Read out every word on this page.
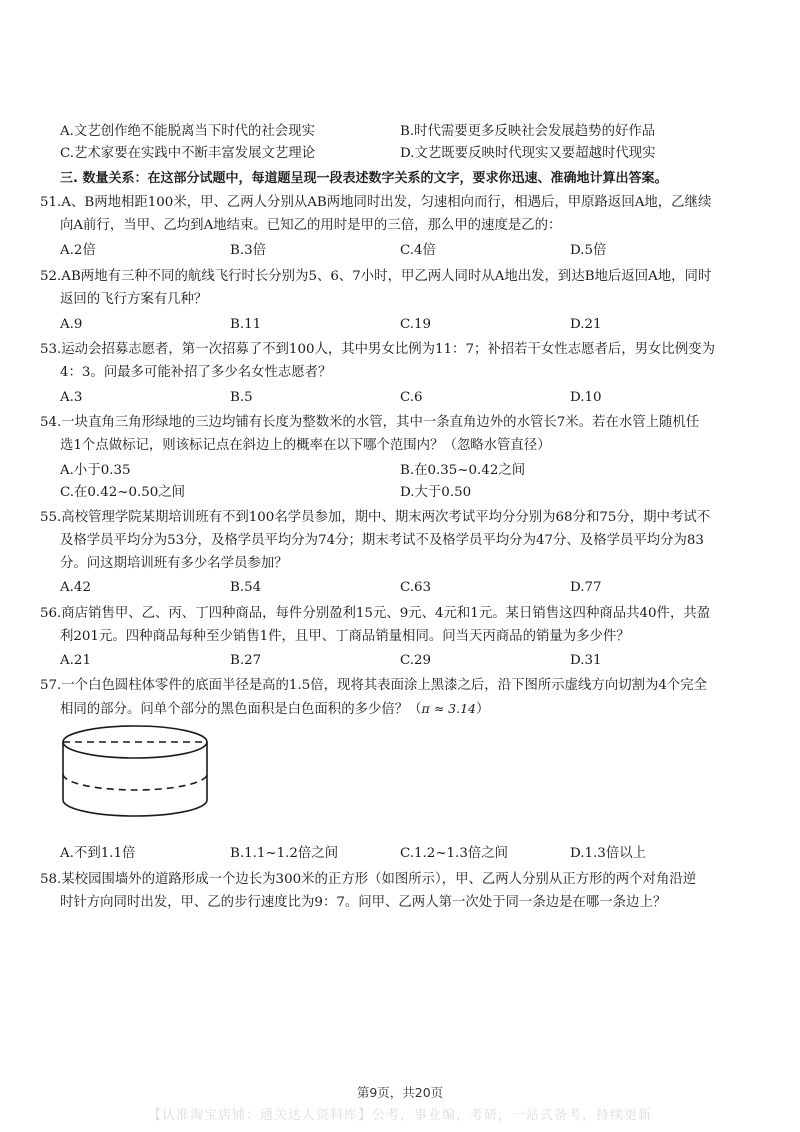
A.文艺创作绝不能脱离当下时代的社会现实	B.时代需要更多反映社会发展趋势的好作品
C.艺术家要在实践中不断丰富发展文艺理论	D.文艺既要反映时代现实又要超越时代现实
三. 数量关系：在这部分试题中，每道题呈现一段表述数字关系的文字，要求你迅速、准确地计算出答案。
51.A、B两地相距100米，甲、乙两人分别从AB两地同时出发，匀速相向而行，相遇后，甲原路返回A地，乙继续
向A前行，当甲、乙均到A地结束。已知乙的用时是甲的三倍，那么甲的速度是乙的：
A.2倍	B.3倍	C.4倍	D.5倍
52.AB两地有三种不同的航线飞行时长分别为5、6、7小时，甲乙两人同时从A地出发，到达B地后返回A地，同时
返回的飞行方案有几种？
A.9	B.11	C.19	D.21
53.运动会招募志愿者，第一次招募了不到100人，其中男女比例为11：7；补招若干女性志愿者后，男女比例变为
4：3。问最多可能补招了多少名女性志愿者？
A.3	B.5	C.6	D.10
54.一块直角三角形绿地的三边均铺有长度为整数米的水管，其中一条直角边外的水管长7米。若在水管上随机任
选1个点做标记，则该标记点在斜边上的概率在以下哪个范围内？（忽略水管直径）
A.小于0.35	B.在0.35~0.42之间
C.在0.42~0.50之间	D.大于0.50
55.高校管理学院某期培训班有不到100名学员参加，期中、期末两次考试平均分分别为68分和75分，期中考试不
及格学员平均分为53分，及格学员平均分为74分；期末考试不及格学员平均分为47分、及格学员平均分为83
分。问这期培训班有多少名学员参加？
A.42	B.54	C.63	D.77
56.商店销售甲、乙、丙、丁四种商品，每件分别盈利15元、9元、4元和1元。某日销售这四种商品共40件，共盈
利201元。四种商品每种至少销售1件，且甲、丁商品销量相同。问当天丙商品的销量为多少件？
A.21	B.27	C.29	D.31
57.一个白色圆柱体零件的底面半径是高的1.5倍，现将其表面涂上黑漆之后，沿下图所示虚线方向切割为4个完全
相同的部分。问单个部分的黑色面积是白色面积的多少倍？（π ≈ 3.14）
A.不到1.1倍	B.1.1~1.2倍之间	C.1.2~1.3倍之间	D.1.3倍以上
58.某校园围墙外的道路形成一个边长为300米的正方形（如图所示），甲、乙两人分别从正方形的两个对角沿逆
时针方向同时出发，甲、乙的步行速度比为9：7。问甲、乙两人第一次处于同一条边是在哪一条边上？
第9页，共20页
【认准淘宝店铺：通关达人资料库】公考，事业编，考研，一站式备考，持续更新
